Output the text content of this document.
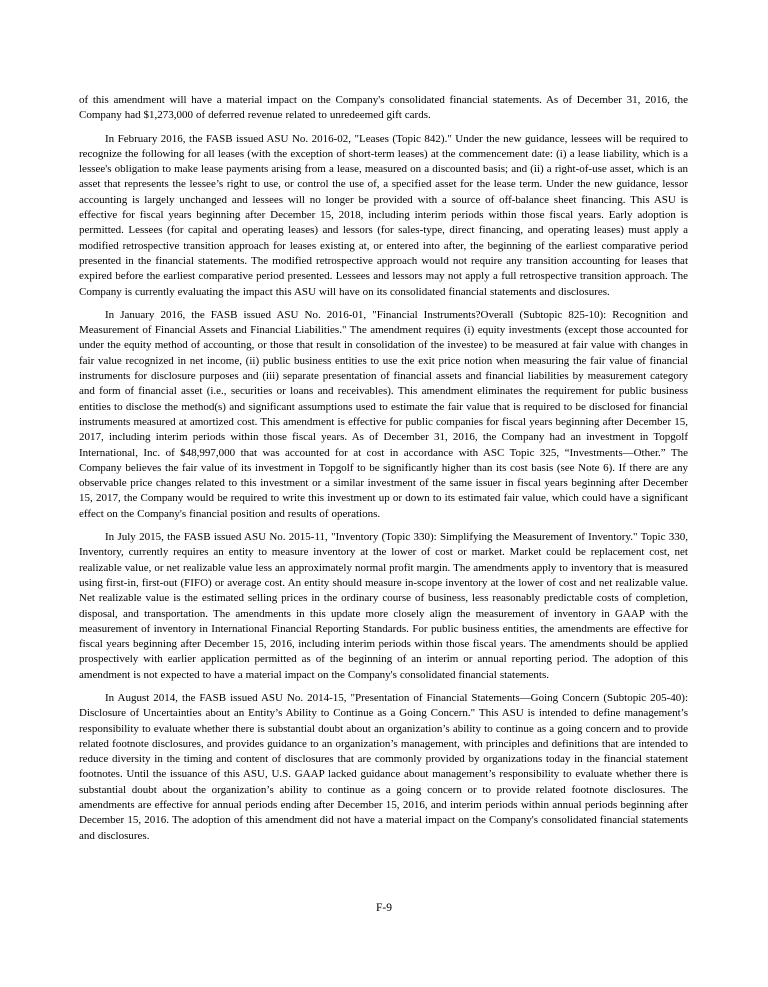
of this amendment will have a material impact on the Company's consolidated financial statements. As of December 31, 2016, the Company had $1,273,000 of deferred revenue related to unredeemed gift cards.

In February 2016, the FASB issued ASU No. 2016-02, "Leases (Topic 842)." Under the new guidance, lessees will be required to recognize the following for all leases (with the exception of short-term leases) at the commencement date: (i) a lease liability, which is a lessee's obligation to make lease payments arising from a lease, measured on a discounted basis; and (ii) a right-of-use asset, which is an asset that represents the lessee’s right to use, or control the use of, a specified asset for the lease term. Under the new guidance, lessor accounting is largely unchanged and lessees will no longer be provided with a source of off-balance sheet financing. This ASU is effective for fiscal years beginning after December 15, 2018, including interim periods within those fiscal years. Early adoption is permitted. Lessees (for capital and operating leases) and lessors (for sales-type, direct financing, and operating leases) must apply a modified retrospective transition approach for leases existing at, or entered into after, the beginning of the earliest comparative period presented in the financial statements. The modified retrospective approach would not require any transition accounting for leases that expired before the earliest comparative period presented. Lessees and lessors may not apply a full retrospective transition approach. The Company is currently evaluating the impact this ASU will have on its consolidated financial statements and disclosures.

In January 2016, the FASB issued ASU No. 2016-01, "Financial Instruments?Overall (Subtopic 825-10): Recognition and Measurement of Financial Assets and Financial Liabilities." The amendment requires (i) equity investments (except those accounted for under the equity method of accounting, or those that result in consolidation of the investee) to be measured at fair value with changes in fair value recognized in net income, (ii) public business entities to use the exit price notion when measuring the fair value of financial instruments for disclosure purposes and (iii) separate presentation of financial assets and financial liabilities by measurement category and form of financial asset (i.e., securities or loans and receivables). This amendment eliminates the requirement for public business entities to disclose the method(s) and significant assumptions used to estimate the fair value that is required to be disclosed for financial instruments measured at amortized cost. This amendment is effective for public companies for fiscal years beginning after December 15, 2017, including interim periods within those fiscal years. As of December 31, 2016, the Company had an investment in Topgolf International, Inc. of $48,997,000 that was accounted for at cost in accordance with ASC Topic 325, “Investments—Other.” The Company believes the fair value of its investment in Topgolf to be significantly higher than its cost basis (see Note 6). If there are any observable price changes related to this investment or a similar investment of the same issuer in fiscal years beginning after December 15, 2017, the Company would be required to write this investment up or down to its estimated fair value, which could have a significant effect on the Company's financial position and results of operations.

In July 2015, the FASB issued ASU No. 2015-11, "Inventory (Topic 330): Simplifying the Measurement of Inventory." Topic 330, Inventory, currently requires an entity to measure inventory at the lower of cost or market. Market could be replacement cost, net realizable value, or net realizable value less an approximately normal profit margin. The amendments apply to inventory that is measured using first-in, first-out (FIFO) or average cost. An entity should measure in-scope inventory at the lower of cost and net realizable value. Net realizable value is the estimated selling prices in the ordinary course of business, less reasonably predictable costs of completion, disposal, and transportation. The amendments in this update more closely align the measurement of inventory in GAAP with the measurement of inventory in International Financial Reporting Standards. For public business entities, the amendments are effective for fiscal years beginning after December 15, 2016, including interim periods within those fiscal years. The amendments should be applied prospectively with earlier application permitted as of the beginning of an interim or annual reporting period. The adoption of this amendment is not expected to have a material impact on the Company's consolidated financial statements.

In August 2014, the FASB issued ASU No. 2014-15, "Presentation of Financial Statements—Going Concern (Subtopic 205-40): Disclosure of Uncertainties about an Entity’s Ability to Continue as a Going Concern." This ASU is intended to define management’s responsibility to evaluate whether there is substantial doubt about an organization’s ability to continue as a going concern and to provide related footnote disclosures, and provides guidance to an organization’s management, with principles and definitions that are intended to reduce diversity in the timing and content of disclosures that are commonly provided by organizations today in the financial statement footnotes. Until the issuance of this ASU, U.S. GAAP lacked guidance about management’s responsibility to evaluate whether there is substantial doubt about the organization’s ability to continue as a going concern or to provide related footnote disclosures. The amendments are effective for annual periods ending after December 15, 2016, and interim periods within annual periods beginning after December 15, 2016. The adoption of this amendment did not have a material impact on the Company's consolidated financial statements and disclosures.

F-9
